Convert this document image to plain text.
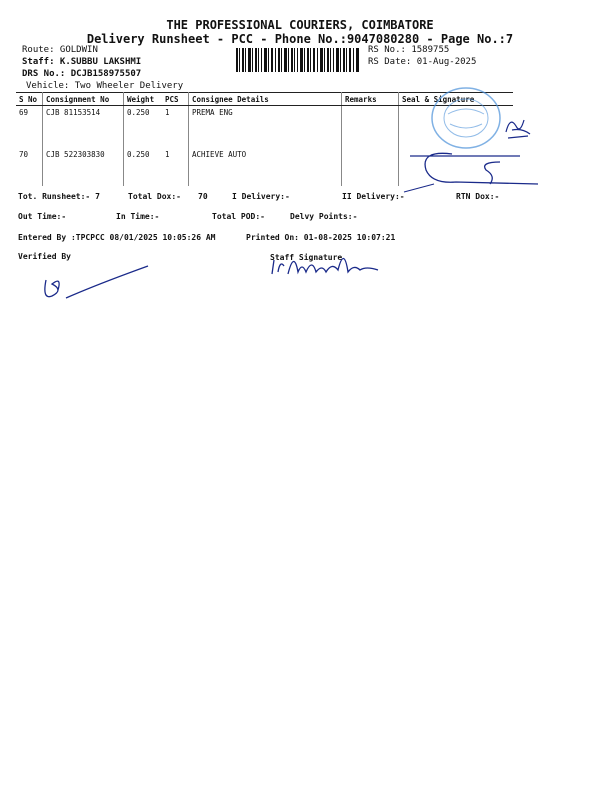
THE PROFESSIONAL COURIERS, COIMBATORE
Delivery Runsheet - PCC - Phone No.:9047080280 - Page No.:7
Route: GOLDWIN
Staff: K.SUBBU LAKSHMI
DRS No.: DCJB158975507
Vehicle: Two Wheeler Delivery
RS No.: 1589755
RS Date: 01-Aug-2025
S No	Consignment No	Weight	PCS	Consignee Details	Remarks	Seal & Signature
69	CJB 81153514	0.250	1	PREMA ENG		
70	CJB 522303830	0.250	1	ACHIEVE AUTO		
Tot. Runsheet:- 7	Total Dox:- 70	I Delivery:-	II Delivery:-	RTN Dox:-
Out Time:-	In Time:-	Total POD:-	Delvy Points:-
Entered By :TPCPCC 08/01/2025 10:05:26 AM	Printed On: 01-08-2025 10:07:21
Verified By	Staff Signature
